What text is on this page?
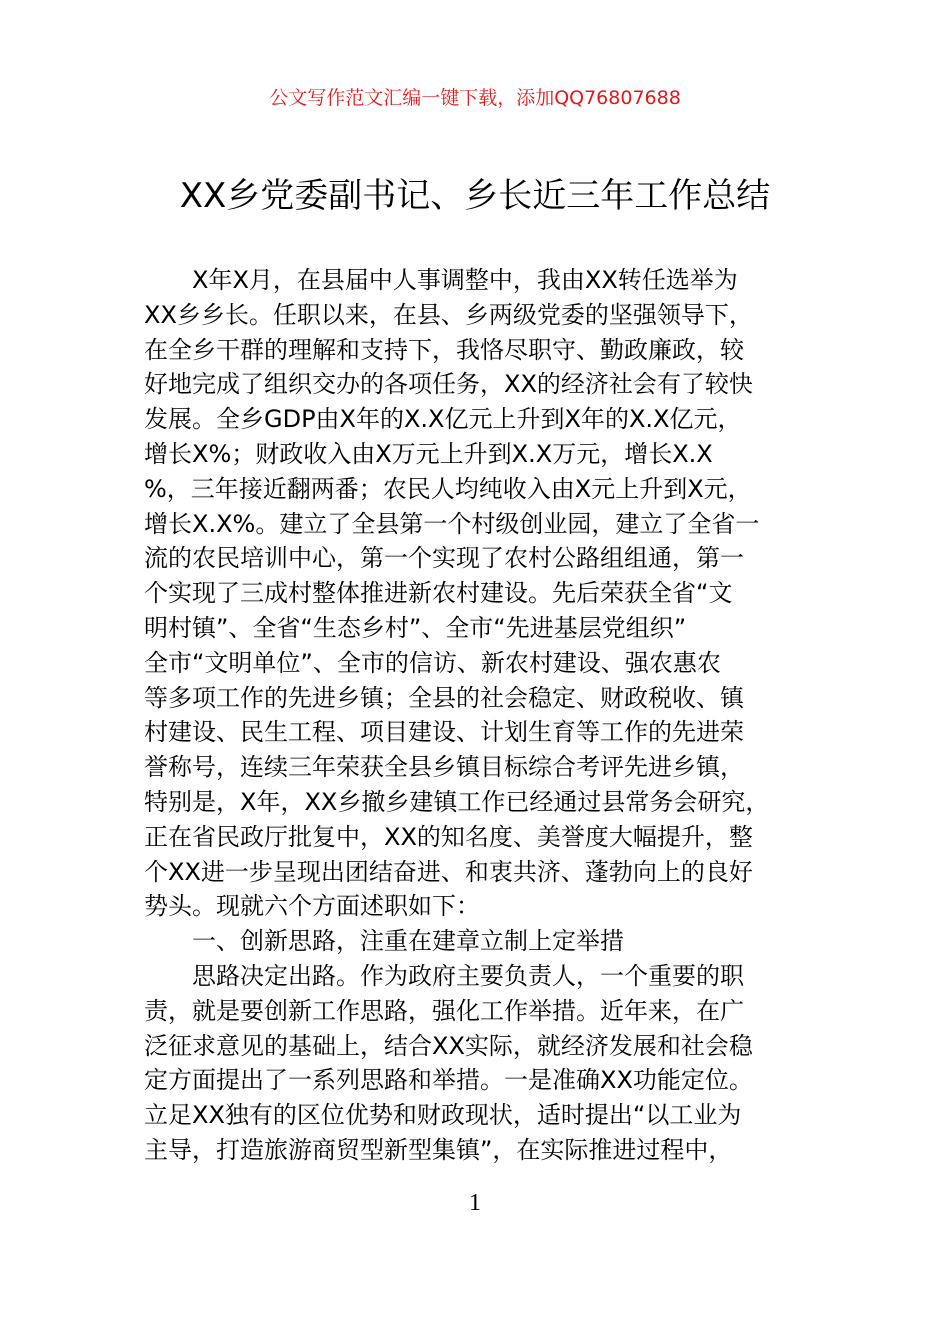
公文写作范文汇编一键下载，添加QQ76807688
XX乡党委副书记、乡长近三年工作总结
X年X月，在县届中人事调整中，我由XX转任选举为
XX乡乡长。任职以来，在县、乡两级党委的坚强领导下，
在全乡干群的理解和支持下，我恪尽职守、勤政廉政，较
好地完成了组织交办的各项任务，XX的经济社会有了较快
发展。全乡GDP由X年的X.X亿元上升到X年的X.X亿元，
增长X%；财政收入由X万元上升到X.X万元，增长X.X
%，三年接近翻两番；农民人均纯收入由X元上升到X元，
增长X.X%。建立了全县第一个村级创业园，建立了全省一
流的农民培训中心，第一个实现了农村公路组组通，第一
个实现了三成村整体推进新农村建设。先后荣获全省“文
明村镇”、全省“生态乡村”、全市“先进基层党组织”
全市“文明单位”、全市的信访、新农村建设、强农惠农
等多项工作的先进乡镇；全县的社会稳定、财政税收、镇
村建设、民生工程、项目建设、计划生育等工作的先进荣
誉称号，连续三年荣获全县乡镇目标综合考评先进乡镇，
特别是，X年，XX乡撤乡建镇工作已经通过县常务会研究，
正在省民政厅批复中，XX的知名度、美誉度大幅提升，整
个XX进一步呈现出团结奋进、和衷共济、蓬勃向上的良好
势头。现就六个方面述职如下：
一、创新思路，注重在建章立制上定举措
思路决定出路。作为政府主要负责人，一个重要的职
责，就是要创新工作思路，强化工作举措。近年来，在广
泛征求意见的基础上，结合XX实际，就经济发展和社会稳
定方面提出了一系列思路和举措。一是准确XX功能定位。
立足XX独有的区位优势和财政现状，适时提出“以工业为
主导，打造旅游商贸型新型集镇”，在实际推进过程中，
1
